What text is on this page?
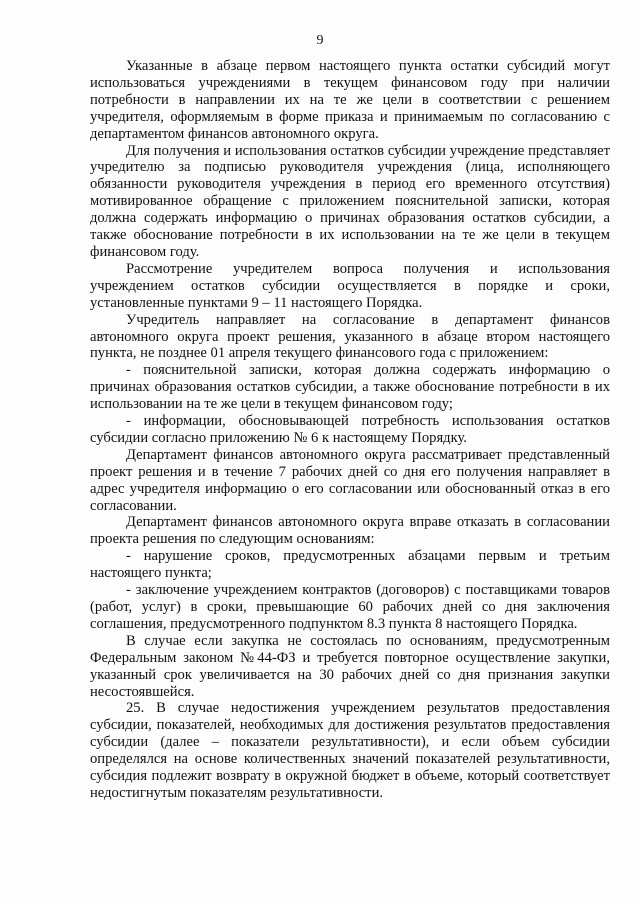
9

Указанные в абзаце первом настоящего пункта остатки субсидий могут использоваться учреждениями в текущем финансовом году при наличии потребности в направлении их на те же цели в соответствии с решением учредителя, оформляемым в форме приказа и принимаемым по согласованию с департаментом финансов автономного округа.

Для получения и использования остатков субсидии учреждение представляет учредителю за подписью руководителя учреждения (лица, исполняющего обязанности руководителя учреждения в период его временного отсутствия) мотивированное обращение с приложением пояснительной записки, которая должна содержать информацию о причинах образования остатков субсидии, а также обоснование потребности в их использовании на те же цели в текущем финансовом году.

Рассмотрение учредителем вопроса получения и использования учреждением остатков субсидии осуществляется в порядке и сроки, установленные пунктами 9 – 11 настоящего Порядка.

Учредитель направляет на согласование в департамент финансов автономного округа проект решения, указанного в абзаце втором настоящего пункта, не позднее 01 апреля текущего финансового года с приложением:

- пояснительной записки, которая должна содержать информацию о причинах образования остатков субсидии, а также обоснование потребности в их использовании на те же цели в текущем финансовом году;

- информации, обосновывающей потребность использования остатков субсидии согласно приложению № 6 к настоящему Порядку.

Департамент финансов автономного округа рассматривает представленный проект решения и в течение 7 рабочих дней со дня его получения направляет в адрес учредителя информацию о его согласовании или обоснованный отказ в его согласовании.

Департамент финансов автономного округа вправе отказать в согласовании проекта решения по следующим основаниям:

- нарушение сроков, предусмотренных абзацами первым и третьим настоящего пункта;

- заключение учреждением контрактов (договоров) с поставщиками товаров (работ, услуг) в сроки, превышающие 60 рабочих дней со дня заключения соглашения, предусмотренного подпунктом 8.3 пункта 8 настоящего Порядка.

В случае если закупка не состоялась по основаниям, предусмотренным Федеральным законом №44-ФЗ и требуется повторное осуществление закупки, указанный срок увеличивается на 30 рабочих дней со дня признания закупки несостоявшейся.

25. В случае недостижения учреждением результатов предоставления субсидии, показателей, необходимых для достижения результатов предоставления субсидии (далее – показатели результативности), и если объем субсидии определялся на основе количественных значений показателей результативности, субсидия подлежит возврату в окружной бюджет в объеме, который соответствует недостигнутым показателям результативности.
